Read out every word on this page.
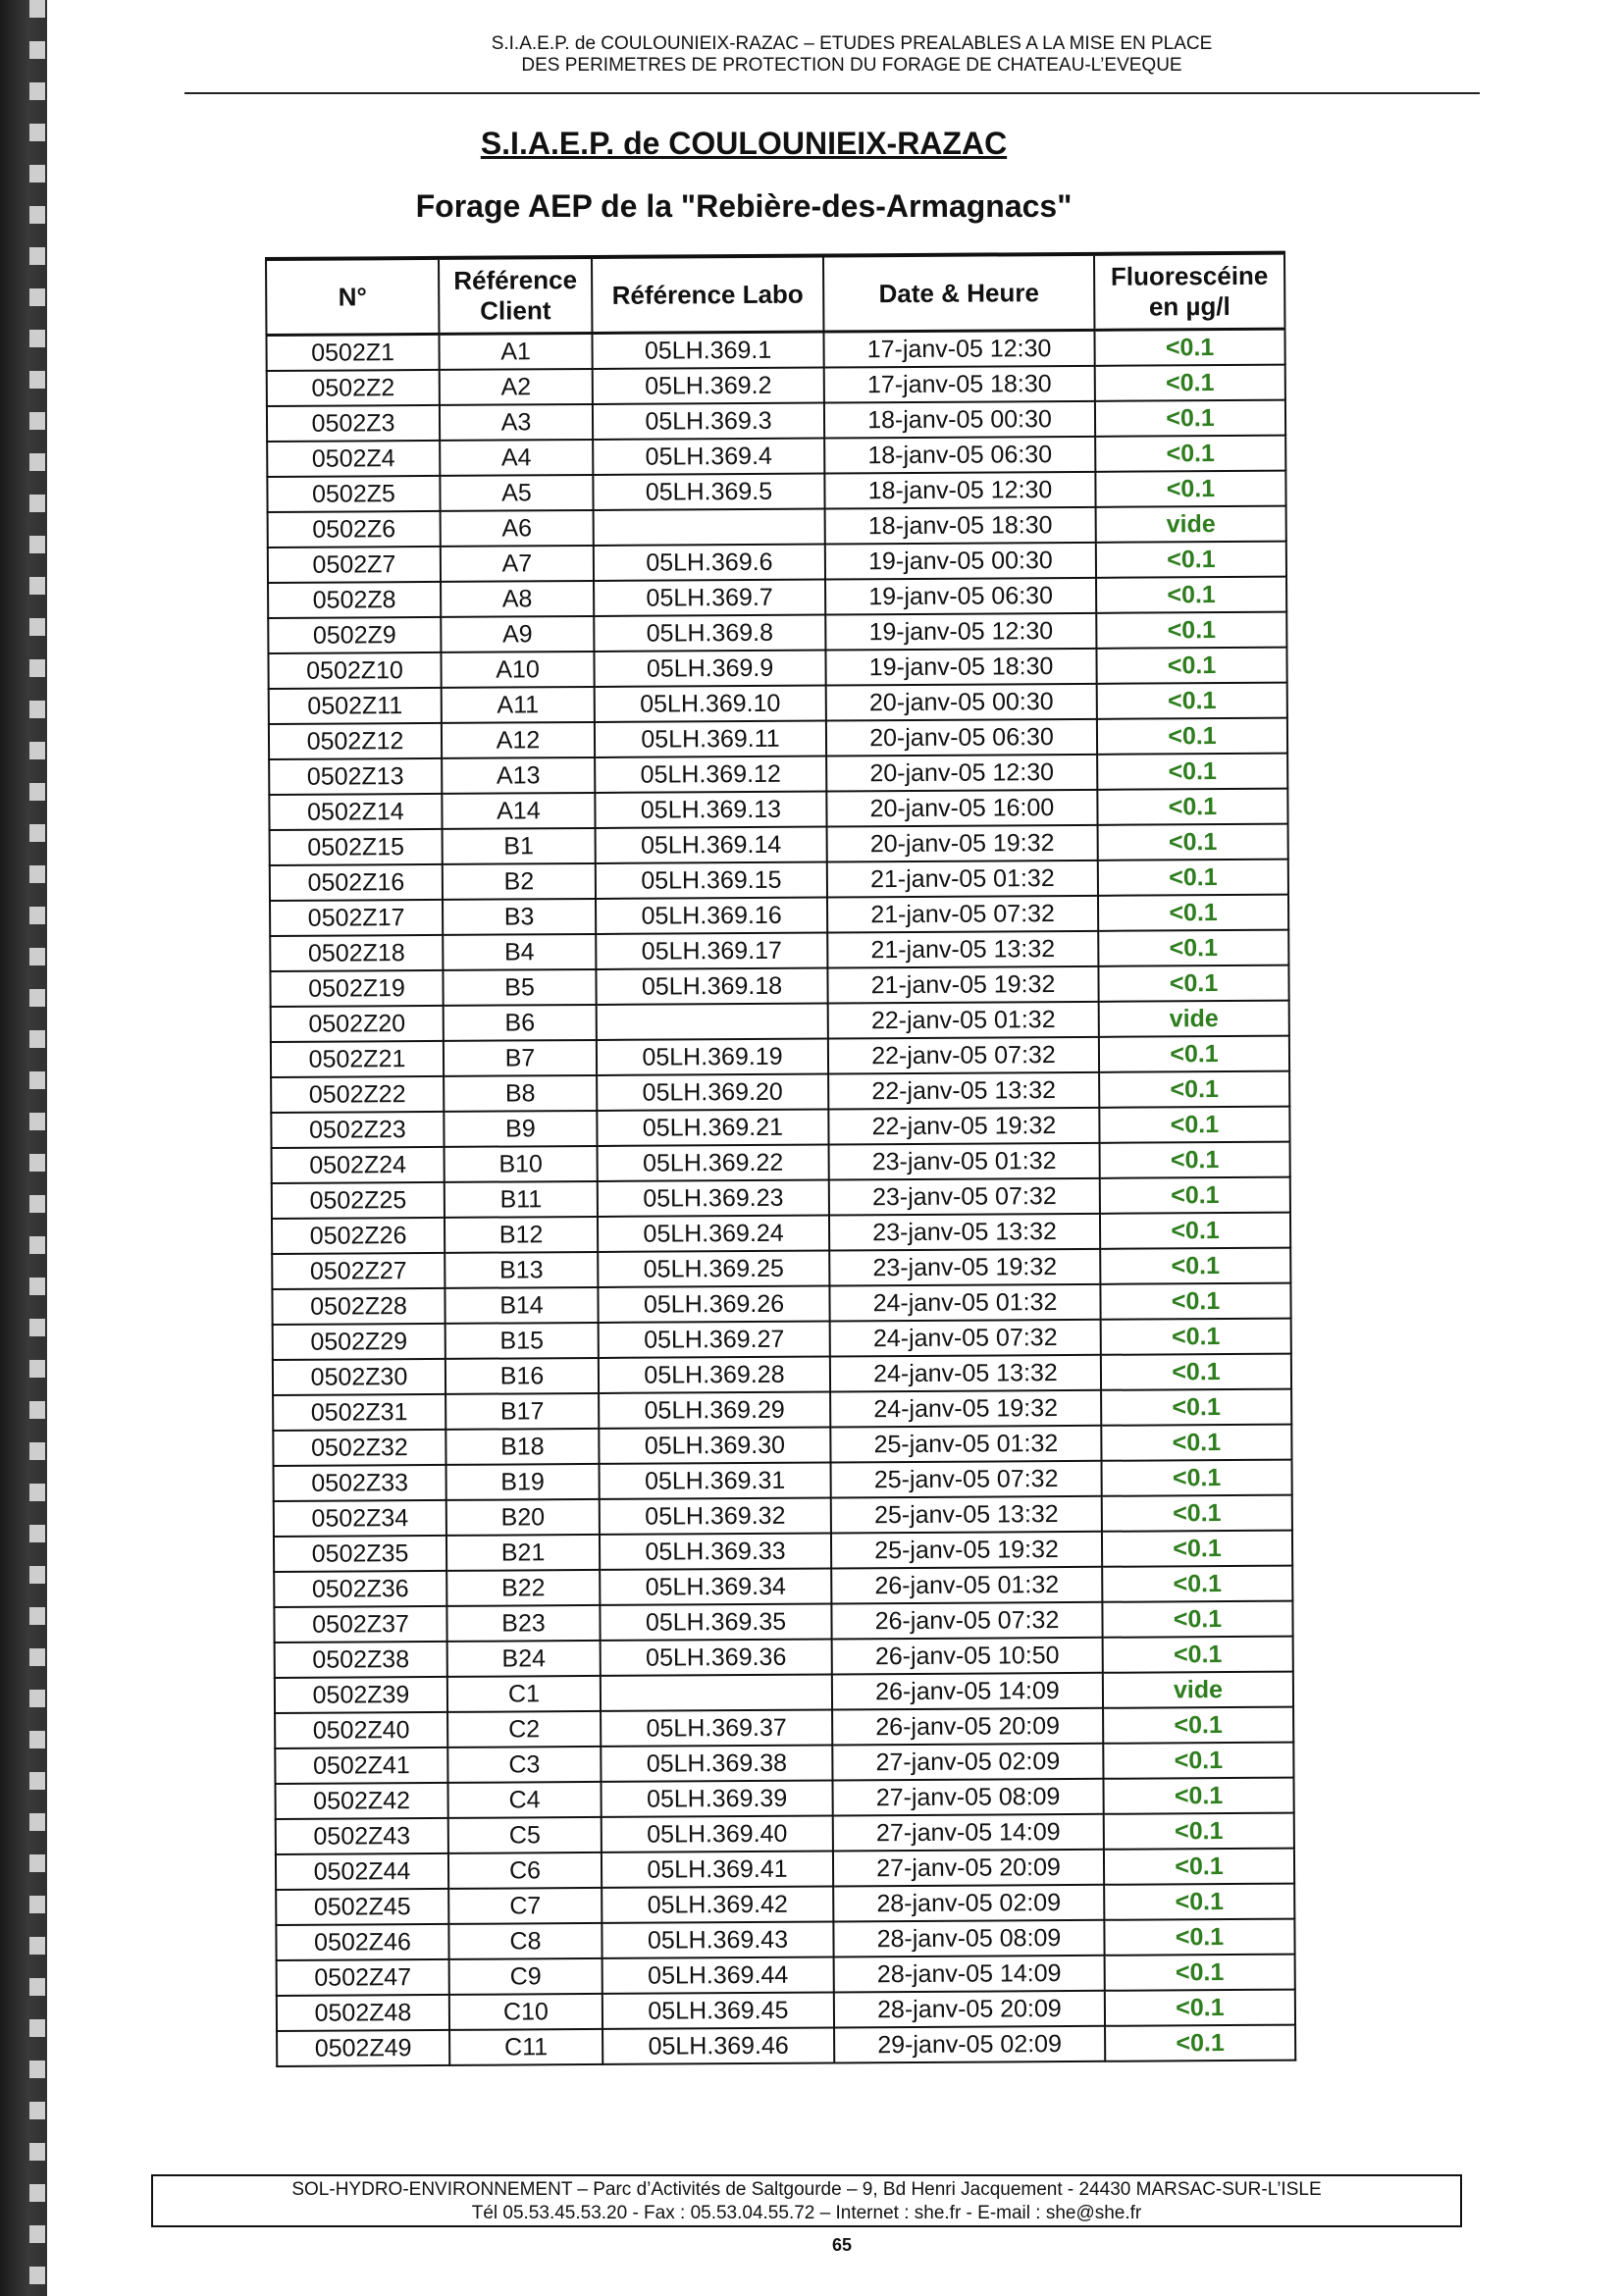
S.I.A.E.P. de COULOUNIEIX-RAZAC – ETUDES PREALABLES A LA MISE EN PLACE
DES PERIMETRES DE PROTECTION DU FORAGE DE CHATEAU-L’EVEQUE
S.I.A.E.P. de COULOUNIEIX-RAZAC
Forage AEP de la "Rebière-des-Armagnacs"
N°	Référence Client	Référence Labo	Date & Heure	Fluorescéine en µg/l
0502Z1	A1	05LH.369.1	17-janv-05 12:30	<0.1
0502Z2	A2	05LH.369.2	17-janv-05 18:30	<0.1
0502Z3	A3	05LH.369.3	18-janv-05 00:30	<0.1
0502Z4	A4	05LH.369.4	18-janv-05 06:30	<0.1
0502Z5	A5	05LH.369.5	18-janv-05 12:30	<0.1
0502Z6	A6		18-janv-05 18:30	vide
0502Z7	A7	05LH.369.6	19-janv-05 00:30	<0.1
0502Z8	A8	05LH.369.7	19-janv-05 06:30	<0.1
0502Z9	A9	05LH.369.8	19-janv-05 12:30	<0.1
0502Z10	A10	05LH.369.9	19-janv-05 18:30	<0.1
0502Z11	A11	05LH.369.10	20-janv-05 00:30	<0.1
0502Z12	A12	05LH.369.11	20-janv-05 06:30	<0.1
0502Z13	A13	05LH.369.12	20-janv-05 12:30	<0.1
0502Z14	A14	05LH.369.13	20-janv-05 16:00	<0.1
0502Z15	B1	05LH.369.14	20-janv-05 19:32	<0.1
0502Z16	B2	05LH.369.15	21-janv-05 01:32	<0.1
0502Z17	B3	05LH.369.16	21-janv-05 07:32	<0.1
0502Z18	B4	05LH.369.17	21-janv-05 13:32	<0.1
0502Z19	B5	05LH.369.18	21-janv-05 19:32	<0.1
0502Z20	B6		22-janv-05 01:32	vide
0502Z21	B7	05LH.369.19	22-janv-05 07:32	<0.1
0502Z22	B8	05LH.369.20	22-janv-05 13:32	<0.1
0502Z23	B9	05LH.369.21	22-janv-05 19:32	<0.1
0502Z24	B10	05LH.369.22	23-janv-05 01:32	<0.1
0502Z25	B11	05LH.369.23	23-janv-05 07:32	<0.1
0502Z26	B12	05LH.369.24	23-janv-05 13:32	<0.1
0502Z27	B13	05LH.369.25	23-janv-05 19:32	<0.1
0502Z28	B14	05LH.369.26	24-janv-05 01:32	<0.1
0502Z29	B15	05LH.369.27	24-janv-05 07:32	<0.1
0502Z30	B16	05LH.369.28	24-janv-05 13:32	<0.1
0502Z31	B17	05LH.369.29	24-janv-05 19:32	<0.1
0502Z32	B18	05LH.369.30	25-janv-05 01:32	<0.1
0502Z33	B19	05LH.369.31	25-janv-05 07:32	<0.1
0502Z34	B20	05LH.369.32	25-janv-05 13:32	<0.1
0502Z35	B21	05LH.369.33	25-janv-05 19:32	<0.1
0502Z36	B22	05LH.369.34	26-janv-05 01:32	<0.1
0502Z37	B23	05LH.369.35	26-janv-05 07:32	<0.1
0502Z38	B24	05LH.369.36	26-janv-05 10:50	<0.1
0502Z39	C1		26-janv-05 14:09	vide
0502Z40	C2	05LH.369.37	26-janv-05 20:09	<0.1
0502Z41	C3	05LH.369.38	27-janv-05 02:09	<0.1
0502Z42	C4	05LH.369.39	27-janv-05 08:09	<0.1
0502Z43	C5	05LH.369.40	27-janv-05 14:09	<0.1
0502Z44	C6	05LH.369.41	27-janv-05 20:09	<0.1
0502Z45	C7	05LH.369.42	28-janv-05 02:09	<0.1
0502Z46	C8	05LH.369.43	28-janv-05 08:09	<0.1
0502Z47	C9	05LH.369.44	28-janv-05 14:09	<0.1
0502Z48	C10	05LH.369.45	28-janv-05 20:09	<0.1
0502Z49	C11	05LH.369.46	29-janv-05 02:09	<0.1
SOL-HYDRO-ENVIRONNEMENT – Parc d’Activités de Saltgourde – 9, Bd Henri Jacquement - 24430 MARSAC-SUR-L’ISLE
Tél 05.53.45.53.20 - Fax : 05.53.04.55.72 – Internet : she.fr - E-mail : she@she.fr
65
